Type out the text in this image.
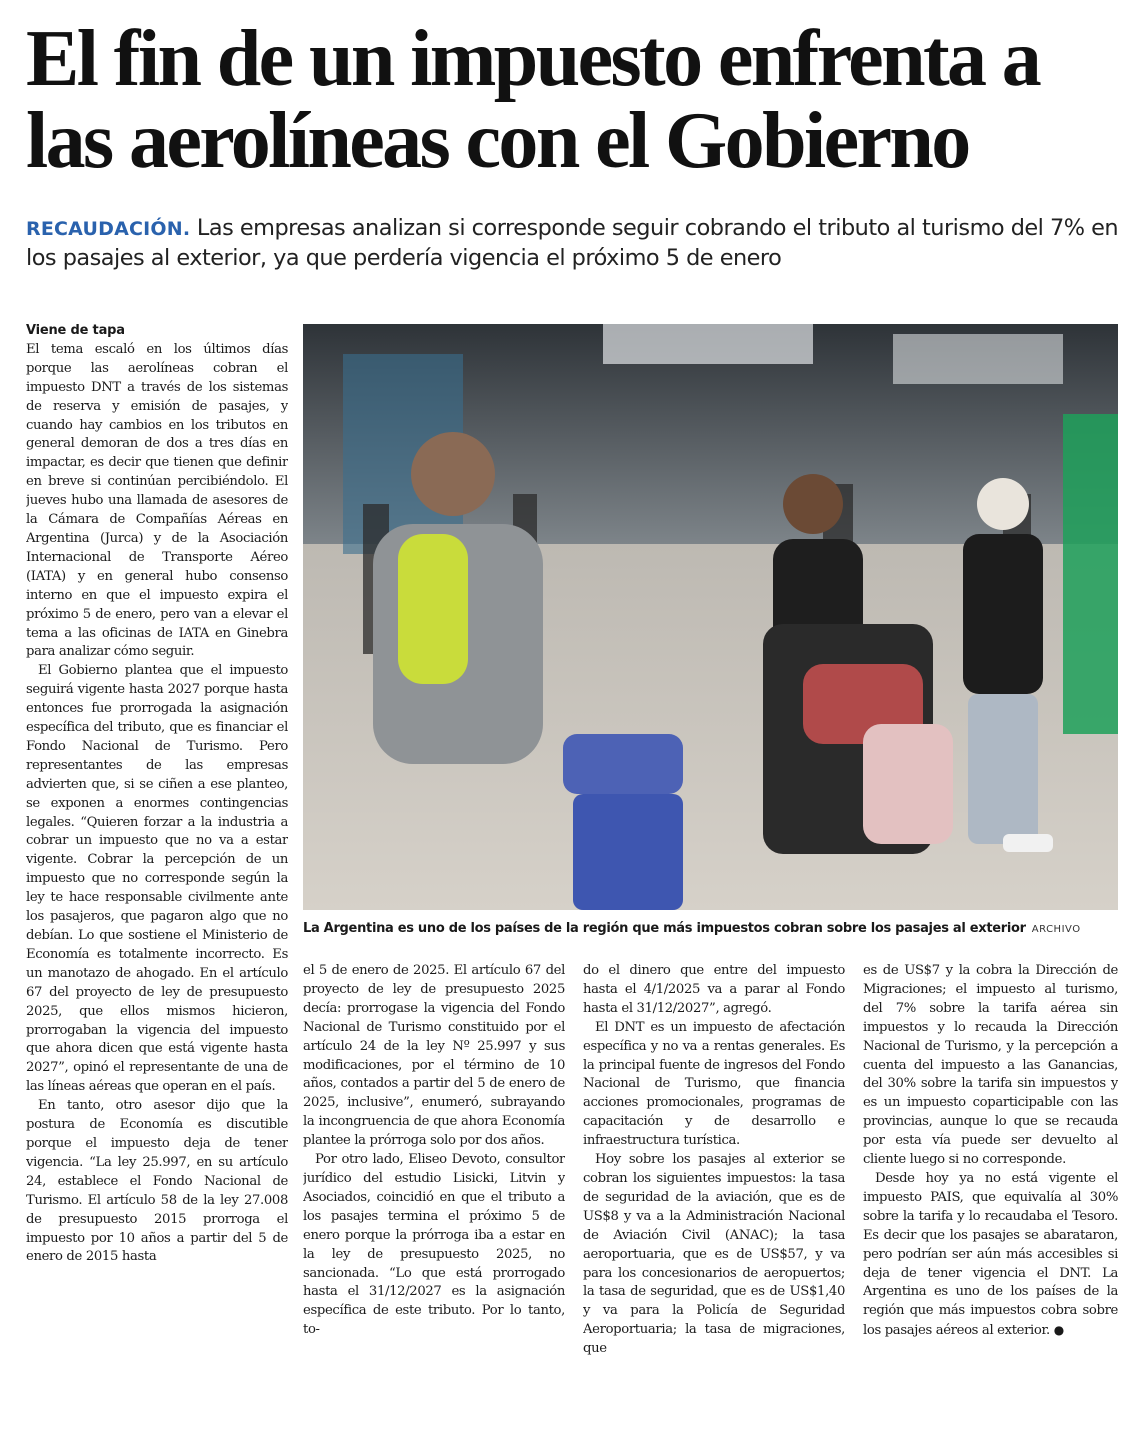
El fin de un impuesto enfrenta a las aerolíneas con el Gobierno

RECAUDACIÓN. Las empresas analizan si corresponde seguir cobrando el tributo al turismo del 7% en los pasajes al exterior, ya que perdería vigencia el próximo 5 de enero

Viene de tapa

El tema escaló en los últimos días porque las aerolíneas cobran el impuesto DNT a través de los sistemas de reserva y emisión de pasajes, y cuando hay cambios en los tributos en general demoran de dos a tres días en impactar, es decir que tienen que definir en breve si continúan percibiéndolo. El jueves hubo una llamada de asesores de la Cámara de Compañías Aéreas en Argentina (Jurca) y de la Asociación Internacional de Transporte Aéreo (IATA) y en general hubo consenso interno en que el impuesto expira el próximo 5 de enero, pero van a elevar el tema a las oficinas de IATA en Ginebra para analizar cómo seguir.

El Gobierno plantea que el impuesto seguirá vigente hasta 2027 porque hasta entonces fue prorrogada la asignación específica del tributo, que es financiar el Fondo Nacional de Turismo. Pero representantes de las empresas advierten que, si se ciñen a ese planteo, se exponen a enormes contingencias legales. “Quieren forzar a la industria a cobrar un impuesto que no va a estar vigente. Cobrar la percepción de un impuesto que no corresponde según la ley te hace responsable civilmente ante los pasajeros, que pagaron algo que no debían. Lo que sostiene el Ministerio de Economía es totalmente incorrecto. Es un manotazo de ahogado. En el artículo 67 del proyecto de ley de presupuesto 2025, que ellos mismos hicieron, prorrogaban la vigencia del impuesto que ahora dicen que está vigente hasta 2027”, opinó el representante de una de las líneas aéreas que operan en el país.

En tanto, otro asesor dijo que la postura de Economía es discutible porque el impuesto deja de tener vigencia. “La ley 25.997, en su artículo 24, establece el Fondo Nacional de Turismo. El artículo 58 de la ley 27.008 de presupuesto 2015 prorroga el impuesto por 10 años a partir del 5 de enero de 2015 hasta

La Argentina es uno de los países de la región que más impuestos cobran sobre los pasajes al exterior ARCHIVO

el 5 de enero de 2025. El artículo 67 del proyecto de ley de presupuesto 2025 decía: prorrogase la vigencia del Fondo Nacional de Turismo constituido por el artículo 24 de la ley Nº 25.997 y sus modificaciones, por el término de 10 años, contados a partir del 5 de enero de 2025, inclusive”, enumeró, subrayando la incongruencia de que ahora Economía plantee la prórroga solo por dos años.

Por otro lado, Eliseo Devoto, consultor jurídico del estudio Lisicki, Litvin y Asociados, coincidió en que el tributo a los pasajes termina el próximo 5 de enero porque la prórroga iba a estar en la ley de presupuesto 2025, no sancionada. “Lo que está prorrogado hasta el 31/12/2027 es la asignación específica de este tributo. Por lo tanto, to-

do el dinero que entre del impuesto hasta el 4/1/2025 va a parar al Fondo hasta el 31/12/2027”, agregó.

El DNT es un impuesto de afectación específica y no va a rentas generales. Es la principal fuente de ingresos del Fondo Nacional de Turismo, que financia acciones promocionales, programas de capacitación y de desarrollo e infraestructura turística.

Hoy sobre los pasajes al exterior se cobran los siguientes impuestos: la tasa de seguridad de la aviación, que es de US$8 y va a la Administración Nacional de Aviación Civil (ANAC); la tasa aeroportuaria, que es de US$57, y va para los concesionarios de aeropuertos; la tasa de seguridad, que es de US$1,40 y va para la Policía de Seguridad Aeroportuaria; la tasa de migraciones, que

es de US$7 y la cobra la Dirección de Migraciones; el impuesto al turismo, del 7% sobre la tarifa aérea sin impuestos y lo recauda la Dirección Nacional de Turismo, y la percepción a cuenta del impuesto a las Ganancias, del 30% sobre la tarifa sin impuestos y es un impuesto coparticipable con las provincias, aunque lo que se recauda por esta vía puede ser devuelto al cliente luego si no corresponde.

Desde hoy ya no está vigente el impuesto PAIS, que equivalía al 30% sobre la tarifa y lo recaudaba el Tesoro. Es decir que los pasajes se abarataron, pero podrían ser aún más accesibles si deja de tener vigencia el DNT. La Argentina es uno de los países de la región que más impuestos cobra sobre los pasajes aéreos al exterior. ●
